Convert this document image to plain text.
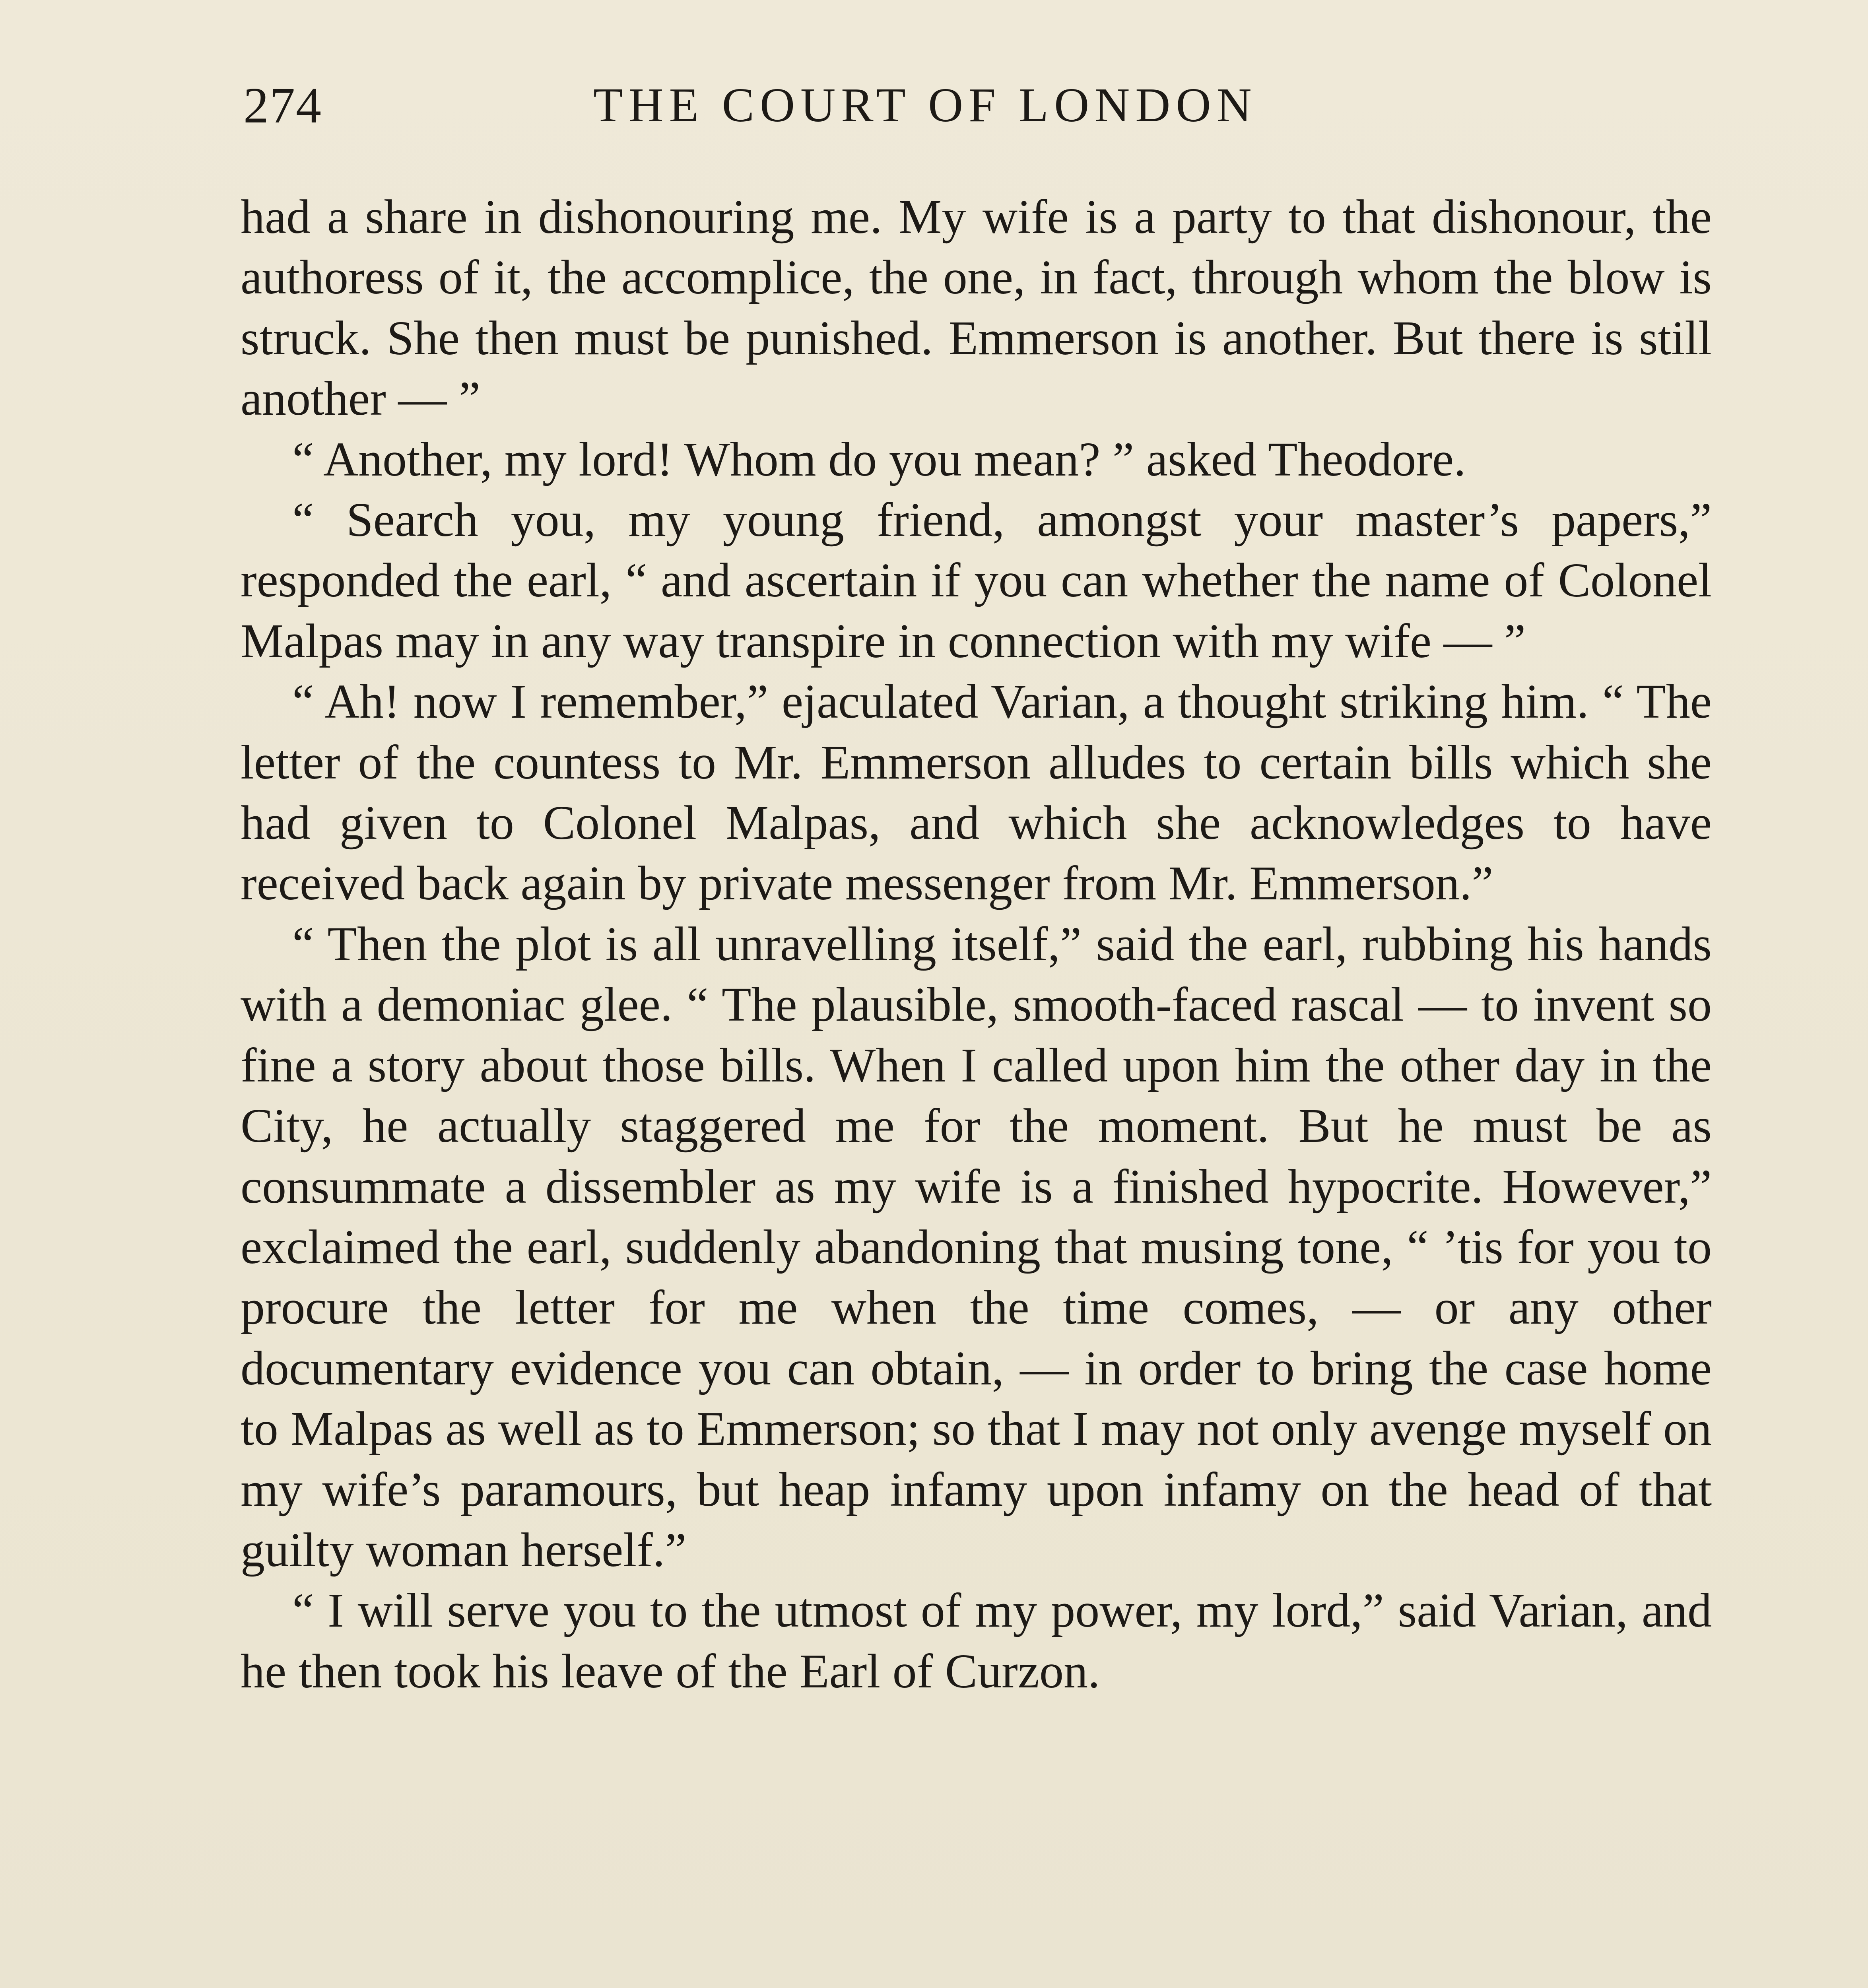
274	THE COURT OF LONDON

had a share in dishonouring me. My wife is a party to that dishonour, the authoress of it, the accomplice, the one, in fact, through whom the blow is struck. She then must be punished. Emmerson is another. But there is still another — ”

“ Another, my lord! Whom do you mean? ” asked Theodore.

“ Search you, my young friend, amongst your master’s papers,” responded the earl, “ and ascertain if you can whether the name of Colonel Malpas may in any way transpire in connection with my wife — ”

“ Ah! now I remember,” ejaculated Varian, a thought striking him. “ The letter of the countess to Mr. Emmerson alludes to certain bills which she had given to Colonel Malpas, and which she acknowledges to have received back again by private messenger from Mr. Emmerson.”

“ Then the plot is all unravelling itself,” said the earl, rubbing his hands with a demoniac glee. “ The plausible, smooth-faced rascal — to invent so fine a story about those bills. When I called upon him the other day in the City, he actually staggered me for the moment. But he must be as consummate a dissembler as my wife is a finished hypocrite. However,” exclaimed the earl, suddenly abandoning that musing tone, “ ’tis for you to procure the letter for me when the time comes, — or any other documentary evidence you can obtain, — in order to bring the case home to Malpas as well as to Emmerson; so that I may not only avenge myself on my wife’s paramours, but heap infamy upon infamy on the head of that guilty woman herself.”

“ I will serve you to the utmost of my power, my lord,” said Varian, and he then took his leave of the Earl of Curzon.
